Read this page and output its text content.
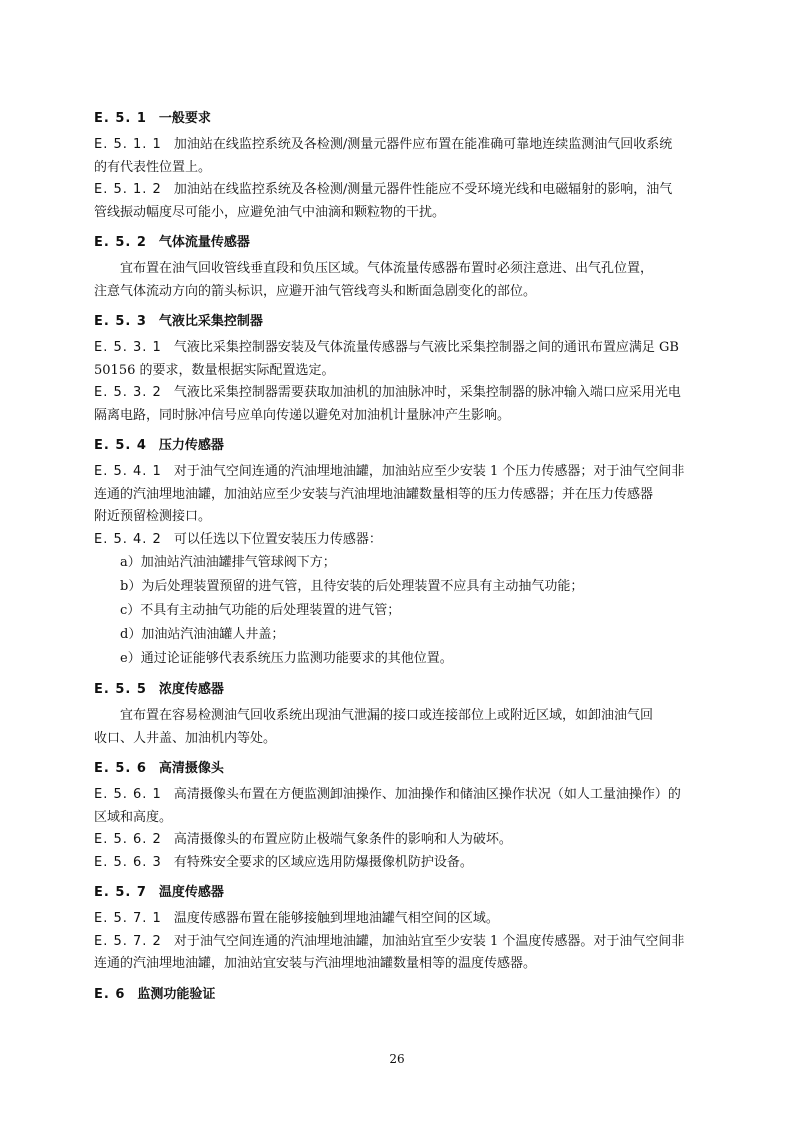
E. 5. 1 一般要求

E. 5. 1. 1 加油站在线监控系统及各检测/测量元器件应布置在能准确可靠地连续监测油气回收系统

的有代表性位置上。

E. 5. 1. 2 加油站在线监控系统及各检测/测量元器件性能应不受环境光线和电磁辐射的影响，油气

管线振动幅度尽可能小，应避免油气中油滴和颗粒物的干扰。

E. 5. 2 气体流量传感器

宜布置在油气回收管线垂直段和负压区域。气体流量传感器布置时必须注意进、出气孔位置，

注意气体流动方向的箭头标识，应避开油气管线弯头和断面急剧变化的部位。

E. 5. 3 气液比采集控制器

E. 5. 3. 1 气液比采集控制器安装及气体流量传感器与气液比采集控制器之间的通讯布置应满足 GB

50156 的要求，数量根据实际配置选定。

E. 5. 3. 2 气液比采集控制器需要获取加油机的加油脉冲时，采集控制器的脉冲输入端口应采用光电

隔离电路，同时脉冲信号应单向传递以避免对加油机计量脉冲产生影响。

E. 5. 4 压力传感器

E. 5. 4. 1 对于油气空间连通的汽油埋地油罐，加油站应至少安装 1 个压力传感器；对于油气空间非

连通的汽油埋地油罐，加油站应至少安装与汽油埋地油罐数量相等的压力传感器；并在压力传感器

附近预留检测接口。

E. 5. 4. 2 可以任选以下位置安装压力传感器：

a）加油站汽油油罐排气管球阀下方；

b）为后处理装置预留的进气管，且待安装的后处理装置不应具有主动抽气功能；

c）不具有主动抽气功能的后处理装置的进气管；

d）加油站汽油油罐人井盖；

e）通过论证能够代表系统压力监测功能要求的其他位置。

E. 5. 5 浓度传感器

宜布置在容易检测油气回收系统出现油气泄漏的接口或连接部位上或附近区域，如卸油油气回

收口、人井盖、加油机内等处。

E. 5. 6 高清摄像头

E. 5. 6. 1 高清摄像头布置在方便监测卸油操作、加油操作和储油区操作状况（如人工量油操作）的

区域和高度。

E. 5. 6. 2 高清摄像头的布置应防止极端气象条件的影响和人为破坏。

E. 5. 6. 3 有特殊安全要求的区域应选用防爆摄像机防护设备。

E. 5. 7 温度传感器

E. 5. 7. 1 温度传感器布置在能够接触到埋地油罐气相空间的区域。

E. 5. 7. 2 对于油气空间连通的汽油埋地油罐，加油站宜至少安装 1 个温度传感器。对于油气空间非

连通的汽油埋地油罐，加油站宜安装与汽油埋地油罐数量相等的温度传感器。

E. 6 监测功能验证
26
